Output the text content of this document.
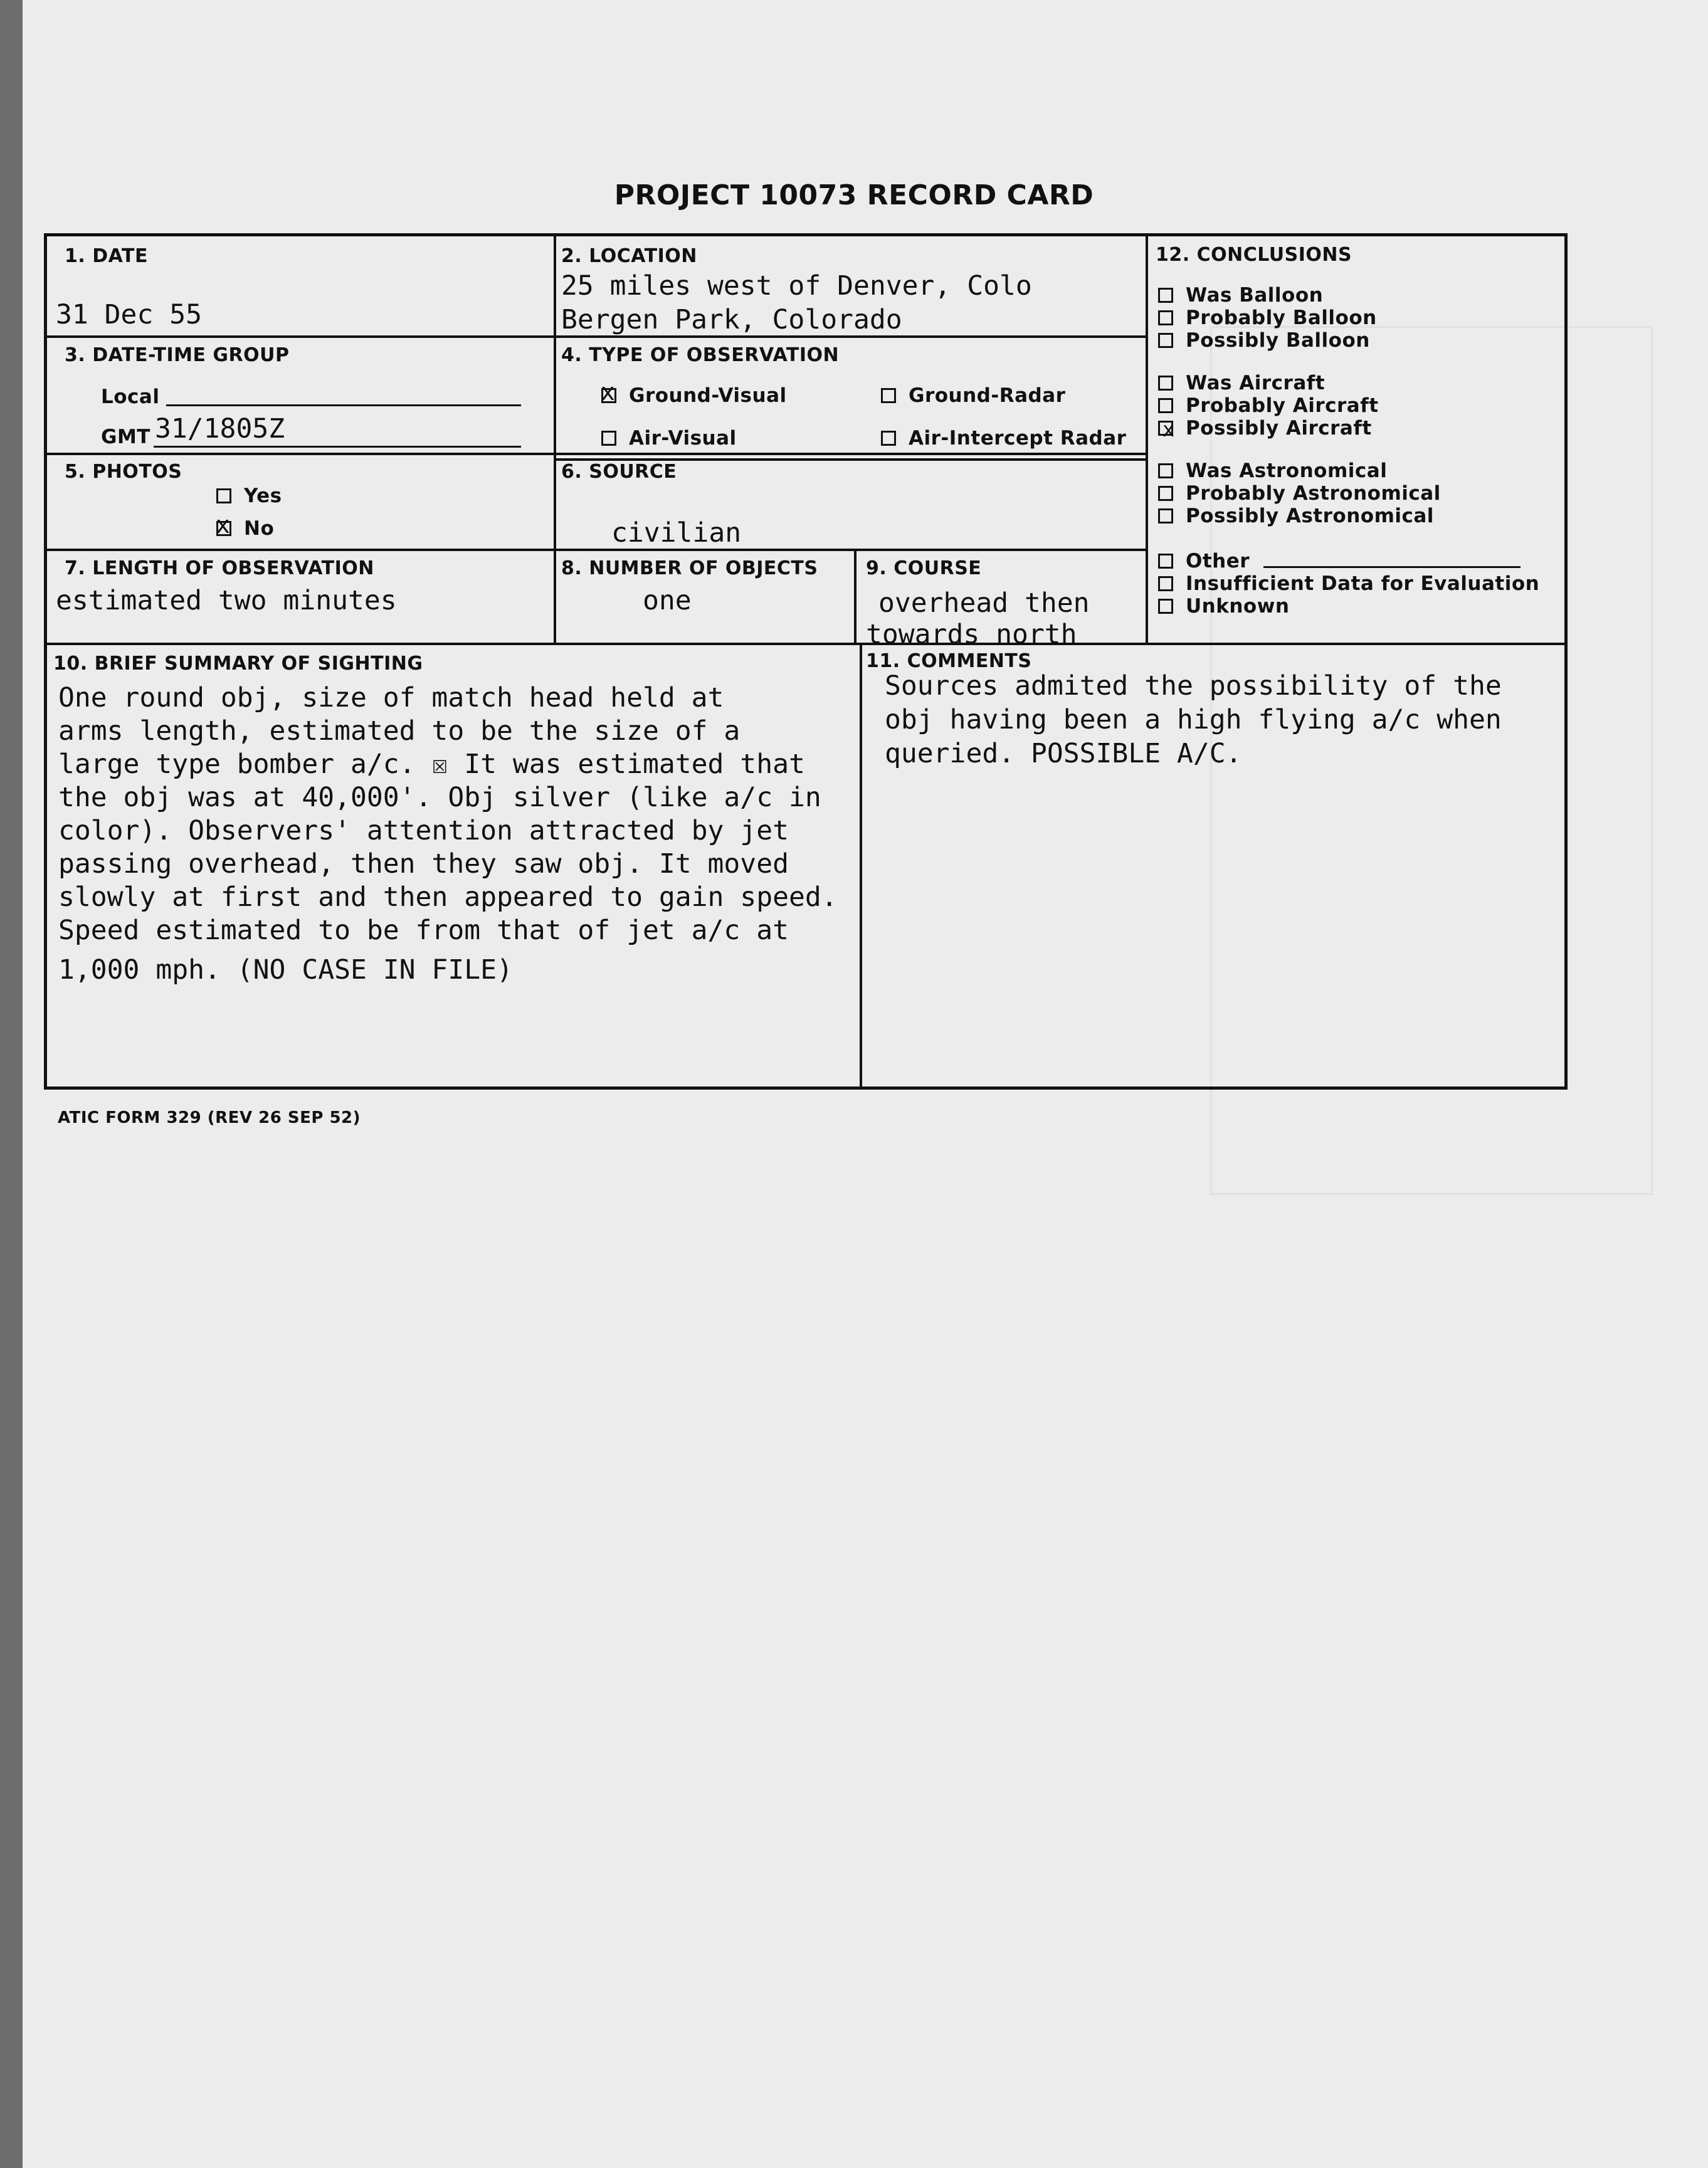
PROJECT 10073 RECORD CARD
1. DATE
31 Dec 55
2. LOCATION
25 miles west of Denver, Colo
Bergen Park, Colorado
3. DATE-TIME GROUP
Local
GMT 31/1805Z
4. TYPE OF OBSERVATION
x Ground-Visual	Ground-Radar
Air-Visual	Air-Intercept Radar
5. PHOTOS
Yes
x No
6. SOURCE
civilian
7. LENGTH OF OBSERVATION
estimated two minutes
8. NUMBER OF OBJECTS
one
9. COURSE
overhead then
towards north
12. CONCLUSIONS
Was Balloon
Probably Balloon
Possibly Balloon
Was Aircraft
Probably Aircraft
x Possibly Aircraft
Was Astronomical
Probably Astronomical
Possibly Astronomical
Other
Insufficient Data for Evaluation
Unknown
10. BRIEF SUMMARY OF SIGHTING
One round obj, size of match head held at
arms length, estimated to be the size of a
large type bomber a/c. ☒ It was estimated that
the obj was at 40,000'. Obj silver (like a/c in
color). Observers' attention attracted by jet
passing overhead, then they saw obj. It moved
slowly at first and then appeared to gain speed.
Speed estimated to be from that of jet a/c at
1,000 mph. (NO CASE IN FILE)
11. COMMENTS
Sources admited the possibility of the
obj having been a high flying a/c when
queried. POSSIBLE A/C.
ATIC FORM 329 (REV 26 SEP 52)
